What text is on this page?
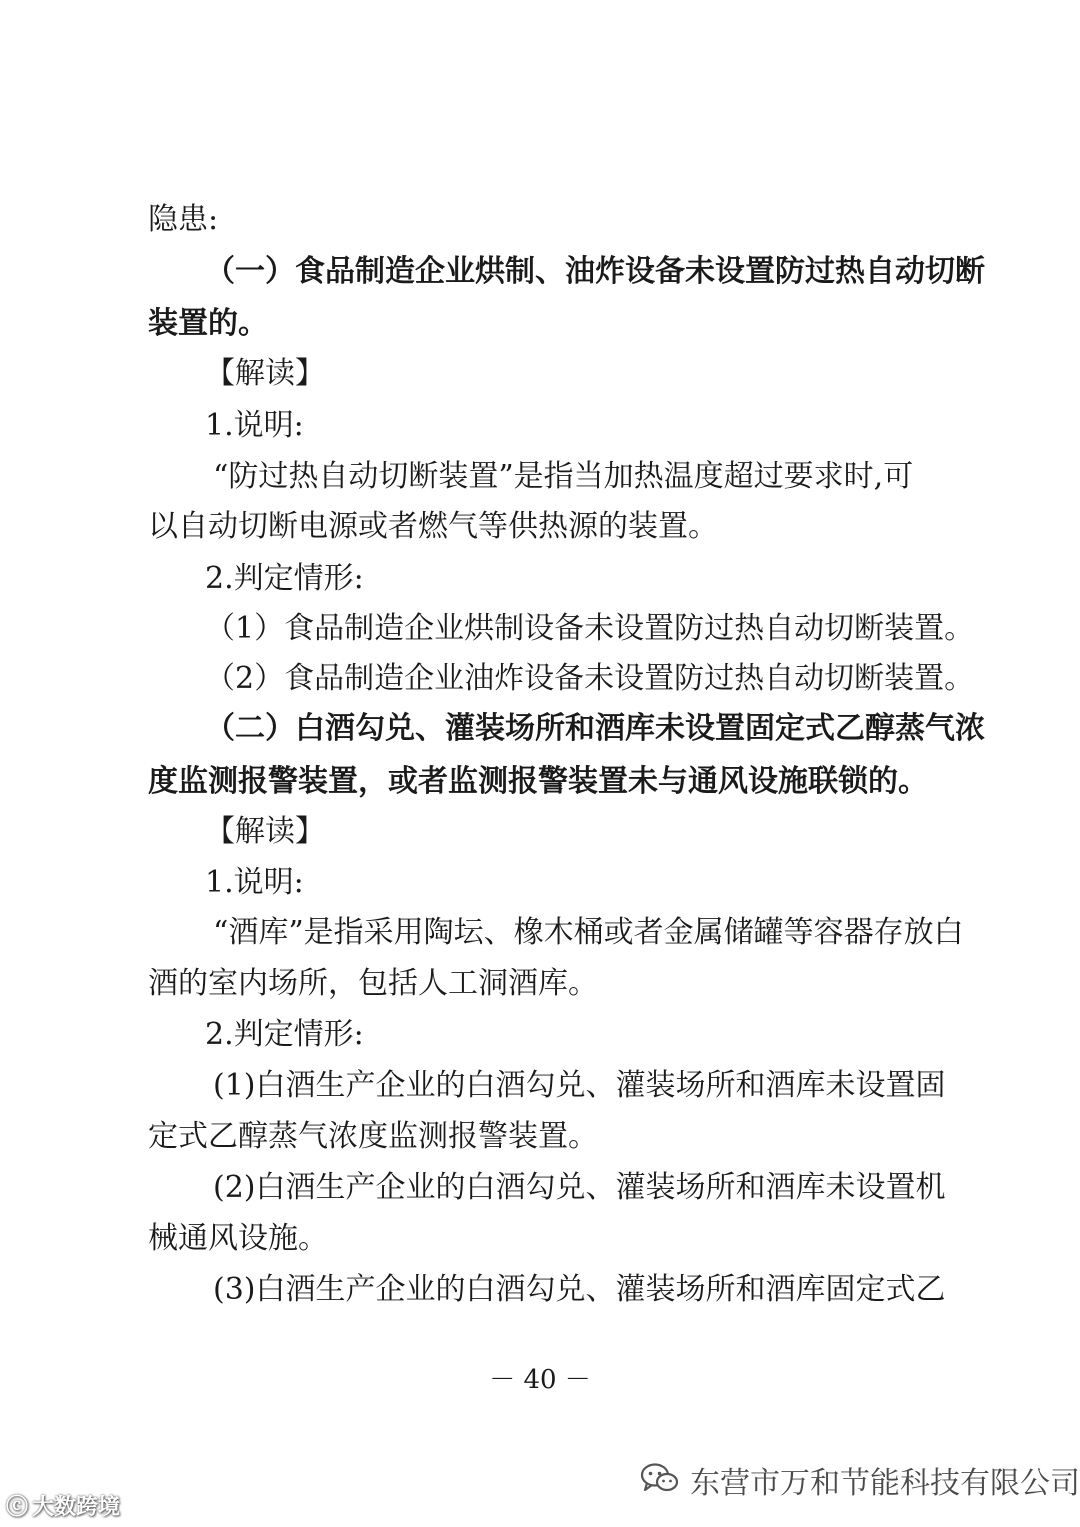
隐患:
（一）食品制造企业烘制、油炸设备未设置防过热自动切断
装置的。
【解读】
1.说明:
“防过热自动切断装置”是指当加热温度超过要求时,可
以自动切断电源或者燃气等供热源的装置。
2.判定情形:
（1）食品制造企业烘制设备未设置防过热自动切断装置。
（2）食品制造企业油炸设备未设置防过热自动切断装置。
（二）白酒勾兑、灌装场所和酒库未设置固定式乙醇蒸气浓
度监测报警装置，或者监测报警装置未与通风设施联锁的。
【解读】
1.说明:
“酒库”是指采用陶坛、橡木桶或者金属储罐等容器存放白
酒的室内场所，包括人工洞酒库。
2.判定情形:
(1)白酒生产企业的白酒勾兑、灌装场所和酒库未设置固
定式乙醇蒸气浓度监测报警装置。
(2)白酒生产企业的白酒勾兑、灌装场所和酒库未设置机
械通风设施。
(3)白酒生产企业的白酒勾兑、灌装场所和酒库固定式乙
－ 40 －
东营市万和节能科技有限公司
ⓒ 大数跨境
